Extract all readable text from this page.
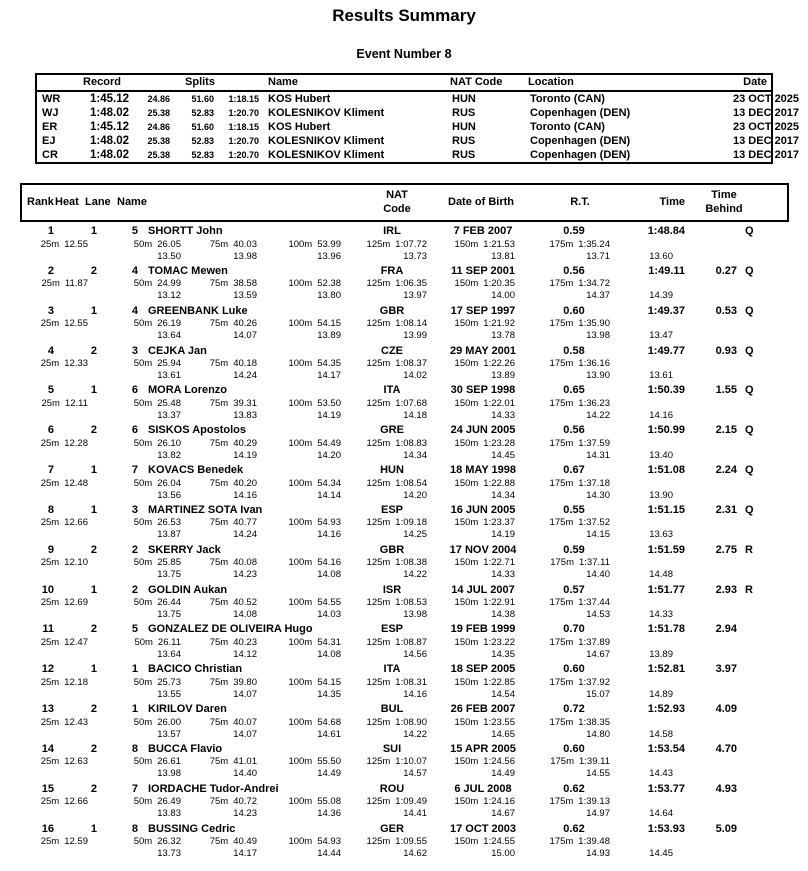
Results Summary
Event Number 8
Record	Splits	Name	NAT Code Location	Date
WR	1:45.12	24.86	51.60	1:18.15 KOS Hubert	HUN	Toronto (CAN)	23 OCT 2025
WJ	1:48.02	25.38	52.83	1:20.70 KOLESNIKOV Kliment	RUS	Copenhagen (DEN)	13 DEC 2017
ER	1:45.12	24.86	51.60	1:18.15 KOS Hubert	HUN	Toronto (CAN)	23 OCT 2025
EJ	1:48.02	25.38	52.83	1:20.70 KOLESNIKOV Kliment	RUS	Copenhagen (DEN)	13 DEC 2017
CR	1:48.02	25.38	52.83	1:20.70 KOLESNIKOV Kliment	RUS	Copenhagen (DEN)	13 DEC 2017
Rank Heat Lane Name
NAT Code
Date of Birth	R.T.	Time
Time Behind
1	1	5 SHORTT John	IRL	7 FEB 2007	0.59	1:48.84	Q
25m 12.55	50m 26.05	75m 40.03	100m 53.99	125m 1:07.72	150m 1:21.53	175m 1:35.24
13.50	13.98	13.96	13.73	13.81	13.71	13.60
2	2	4 TOMAC Mewen	FRA	11 SEP 2001	0.56	1:49.11	0.27 Q
25m 11.87	50m 24.99	75m 38.58	100m 52.38	125m 1:06.35	150m 1:20.35	175m 1:34.72
13.12	13.59	13.80	13.97	14.00	14.37	14.39
3	1	4 GREENBANK Luke	GBR	17 SEP 1997	0.60	1:49.37	0.53 Q
25m 12.55	50m 26.19	75m 40.26	100m 54.15	125m 1:08.14	150m 1:21.92	175m 1:35.90
13.64	14.07	13.89	13.99	13.78	13.98	13.47
4	2	3 CEJKA Jan	CZE	29 MAY 2001	0.58	1:49.77	0.93 Q
25m 12.33	50m 25.94	75m 40.18	100m 54.35	125m 1:08.37	150m 1:22.26	175m 1:36.16
13.61	14.24	14.17	14.02	13.89	13.90	13.61
5	1	6 MORA Lorenzo	ITA	30 SEP 1998	0.65	1:50.39	1.55 Q
25m 12.11	50m 25.48	75m 39.31	100m 53.50	125m 1:07.68	150m 1:22.01	175m 1:36.23
13.37	13.83	14.19	14.18	14.33	14.22	14.16
6	2	6 SISKOS Apostolos	GRE	24 JUN 2005	0.56	1:50.99	2.15 Q
25m 12.28	50m 26.10	75m 40.29	100m 54.49	125m 1:08.83	150m 1:23.28	175m 1:37.59
13.82	14.19	14.20	14.34	14.45	14.31	13.40
7	1	7 KOVACS Benedek	HUN	18 MAY 1998	0.67	1:51.08	2.24 Q
25m 12.48	50m 26.04	75m 40.20	100m 54.34	125m 1:08.54	150m 1:22.88	175m 1:37.18
13.56	14.16	14.14	14.20	14.34	14.30	13.90
8	1	3 MARTINEZ SOTA Ivan	ESP	16 JUN 2005	0.55	1:51.15	2.31 Q
25m 12.66	50m 26.53	75m 40.77	100m 54.93	125m 1:09.18	150m 1:23.37	175m 1:37.52
13.87	14.24	14.16	14.25	14.19	14.15	13.63
9	2	2 SKERRY Jack	GBR	17 NOV 2004	0.59	1:51.59	2.75 R
25m 12.10	50m 25.85	75m 40.08	100m 54.16	125m 1:08.38	150m 1:22.71	175m 1:37.11
13.75	14.23	14.08	14.22	14.33	14.40	14.48
10	1	2 GOLDIN Aukan	ISR	14 JUL 2007	0.57	1:51.77	2.93 R
25m 12.69	50m 26.44	75m 40.52	100m 54.55	125m 1:08.53	150m 1:22.91	175m 1:37.44
13.75	14.08	14.03	13.98	14.38	14.53	14.33
11	2	5 GONZALEZ DE OLIVEIRA Hugo	ESP	19 FEB 1999	0.70	1:51.78	2.94
25m 12.47	50m 26.11	75m 40.23	100m 54.31	125m 1:08.87	150m 1:23.22	175m 1:37.89
13.64	14.12	14.08	14.56	14.35	14.67	13.89
12	1	1 BACICO Christian	ITA	18 SEP 2005	0.60	1:52.81	3.97
25m 12.18	50m 25.73	75m 39.80	100m 54.15	125m 1:08.31	150m 1:22.85	175m 1:37.92
13.55	14.07	14.35	14.16	14.54	15.07	14.89
13	2	1 KIRILOV Daren	BUL	26 FEB 2007	0.72	1:52.93	4.09
25m 12.43	50m 26.00	75m 40.07	100m 54.68	125m 1:08.90	150m 1:23.55	175m 1:38.35
13.57	14.07	14.61	14.22	14.65	14.80	14.58
14	2	8 BUCCA Flavio	SUI	15 APR 2005	0.60	1:53.54	4.70
25m 12.63	50m 26.61	75m 41.01	100m 55.50	125m 1:10.07	150m 1:24.56	175m 1:39.11
13.98	14.40	14.49	14.57	14.49	14.55	14.43
15	2	7 IORDACHE Tudor-Andrei	ROU	6 JUL 2008	0.62	1:53.77	4.93
25m 12.66	50m 26.49	75m 40.72	100m 55.08	125m 1:09.49	150m 1:24.16	175m 1:39.13
13.83	14.23	14.36	14.41	14.67	14.97	14.64
16	1	8 BUSSING Cedric	GER	17 OCT 2003	0.62	1:53.93	5.09
25m 12.59	50m 26.32	75m 40.49	100m 54.93	125m 1:09.55	150m 1:24.55	175m 1:39.48
13.73	14.17	14.44	14.62	15.00	14.93	14.45
